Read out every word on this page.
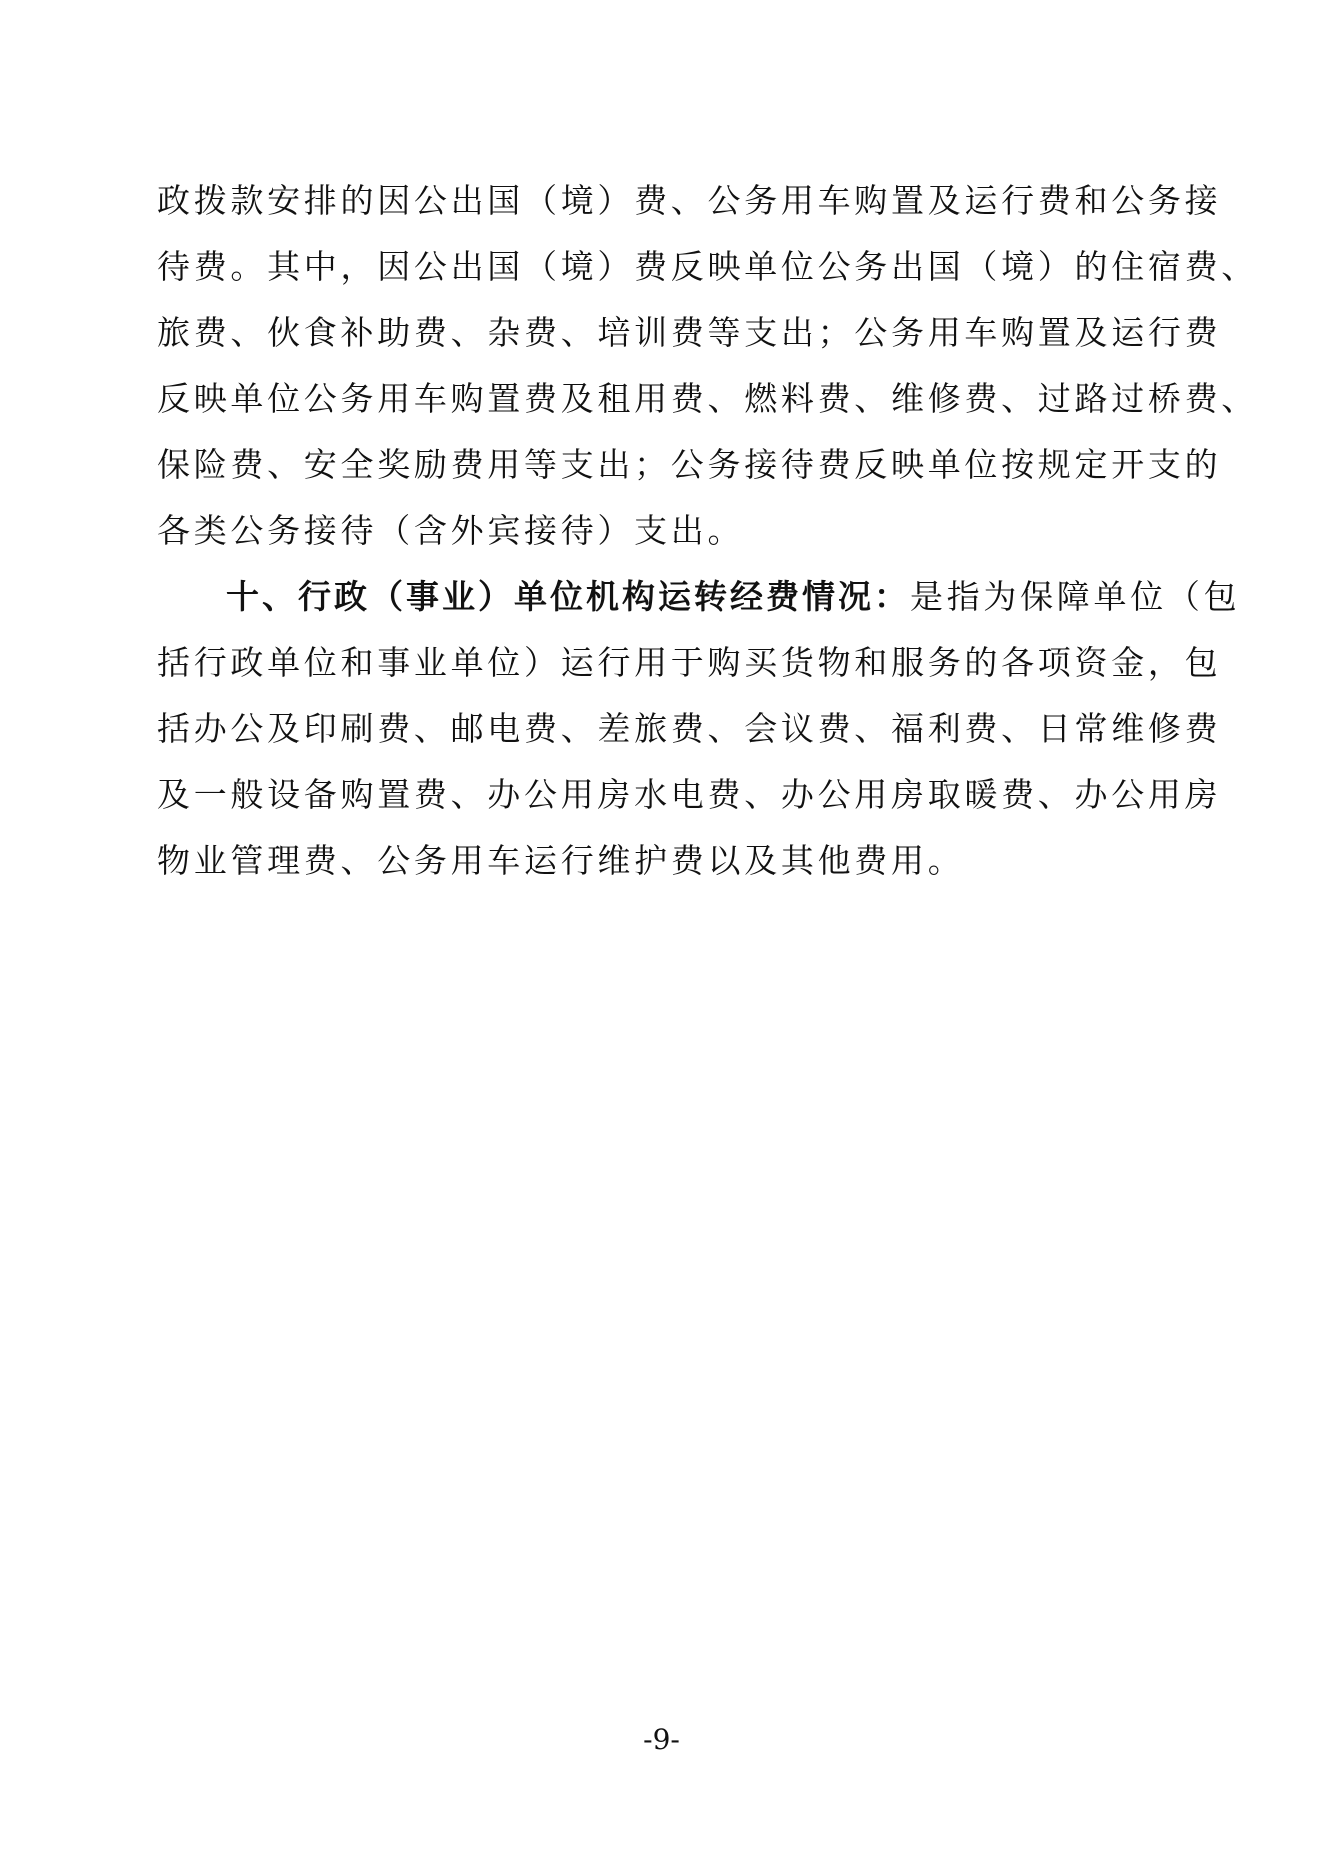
政拨款安排的因公出国（境）费、公务用车购置及运行费和公务接
待费。其中，因公出国（境）费反映单位公务出国（境）的住宿费、
旅费、伙食补助费、杂费、培训费等支出；公务用车购置及运行费
反映单位公务用车购置费及租用费、燃料费、维修费、过路过桥费、
保险费、安全奖励费用等支出；公务接待费反映单位按规定开支的
各类公务接待（含外宾接待）支出。
十、行政（事业）单位机构运转经费情况：是指为保障单位（包
括行政单位和事业单位）运行用于购买货物和服务的各项资金，包
括办公及印刷费、邮电费、差旅费、会议费、福利费、日常维修费
及一般设备购置费、办公用房水电费、办公用房取暖费、办公用房
物业管理费、公务用车运行维护费以及其他费用。
-9-
